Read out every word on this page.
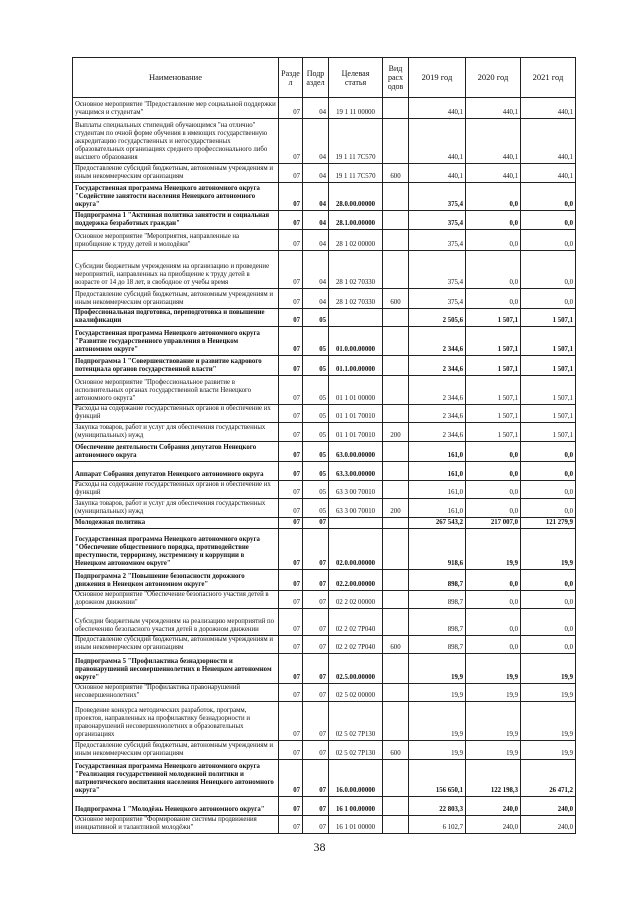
Наименование	Разде л	Подр аздел	Целевая статья	Вид расх одов	2019 год	2020 год	2021 год
Основное мероприятие "Предоставление мер социальной поддержки учащимся и студентам"	07	04	19 1 11 00000		440,1	440,1	440,1
Выплаты специальных стипендий обучающимся "на отлично" студентам по очной форме обучения в имеющих государственную аккредитацию государственных и негосударственных образовательных организациях среднего профессионального либо высшего образования	07	04	19 1 11 7С570		440,1	440,1	440,1
Предоставление субсидий бюджетным, автономным учреждениям и иным некоммерческим организациям	07	04	19 1 11 7С570	600	440,1	440,1	440,1
Государственная программа Ненецкого автономного округа "Содействие занятости населения Ненецкого автономного округа"	07	04	28.0.00.00000		375,4	0,0	0,0
Подпрограмма 1 "Активная политика занятости и социальная поддержка безработных граждан"	07	04	28.1.00.00000		375,4	0,0	0,0
Основное мероприятие "Мероприятия, направленные на приобщение к труду детей и молодёжи"	07	04	28 1 02 00000		375,4	0,0	0,0
Субсидии бюджетным учреждениям на организацию и проведение мероприятий, направленных на приобщение к труду детей в возрасте от 14 до 18 лет, в свободное от учебы время	07	04	28 1 02 70330		375,4	0,0	0,0
Предоставление субсидий бюджетным, автономным учреждениям и иным некоммерческим организациям	07	04	28 1 02 70330	600	375,4	0,0	0,0
Профессиональная подготовка, переподготовка и повышение квалификации	07	05			2 505,6	1 507,1	1 507,1
Государственная программа Ненецкого автономного округа "Развитие государственного управления в Ненецком автономном округе"	07	05	01.0.00.00000		2 344,6	1 507,1	1 507,1
Подпрограмма 1 "Совершенствование и развитие кадрового потенциала органов государственной власти"	07	05	01.1.00.00000		2 344,6	1 507,1	1 507,1
Основное мероприятие "Профессиональное развитие в исполнительных органах государственной власти Ненецкого автономного округа"	07	05	01 1 01 00000		2 344,6	1 507,1	1 507,1
Расходы на содержание государственных органов и обеспечение их функций	07	05	01 1 01 70010		2 344,6	1 507,1	1 507,1
Закупка товаров, работ и услуг для обеспечения государственных (муниципальных) нужд	07	05	01 1 01 70010	200	2 344,6	1 507,1	1 507,1
Обеспечение деятельности Собрания депутатов Ненецкого автономного округа	07	05	63.0.00.00000		161,0	0,0	0,0
Аппарат Собрания депутатов Ненецкого автономного округа	07	05	63.3.00.00000		161,0	0,0	0,0
Расходы на содержание государственных органов и обеспечение их функций	07	05	63 3 00 70010		161,0	0,0	0,0
Закупка товаров, работ и услуг для обеспечения государственных (муниципальных) нужд	07	05	63 3 00 70010	200	161,0	0,0	0,0
Молодежная политика	07	07			267 543,2	217 007,0	121 279,9
Государственная программа Ненецкого автономного округа "Обеспечение общественного порядка, противодействие преступности, терроризму, экстремизму и коррупции в Ненецком автономном округе"	07	07	02.0.00.00000		918,6	19,9	19,9
Подпрограмма 2 "Повышение безопасности дорожного движения в Ненецком автономном округе"	07	07	02.2.00.00000		898,7	0,0	0,0
Основное мероприятие "Обеспечение безопасного участия детей в дорожном движении"	07	07	02 2 02 00000		898,7	0,0	0,0
Субсидии бюджетным учреждениям на реализацию мероприятий по обеспечению безопасного участия детей в дорожном движении	07	07	02 2 02 7Р040		898,7	0,0	0,0
Предоставление субсидий бюджетным, автономным учреждениям и иным некоммерческим организациям	07	07	02 2 02 7Р040	600	898,7	0,0	0,0
Подпрограмма 5 "Профилактика безнадзорности и правонарушений несовершеннолетних в Ненецком автономном округе"	07	07	02.5.00.00000		19,9	19,9	19,9
Основное мероприятие "Профилактика правонарушений несовершеннолетних"	07	07	02 5 02 00000		19,9	19,9	19,9
Проведение конкурса методических разработок, программ, проектов, направленных на профилактику безнадзорности и правонарушений несовершеннолетних в образовательных организациях	07	07	02 5 02 7Р130		19,9	19,9	19,9
Предоставление субсидий бюджетным, автономным учреждениям и иным некоммерческим организациям	07	07	02 5 02 7Р130	600	19,9	19,9	19,9
Государственная программа Ненецкого автономного округа "Реализация государственной молодежной политики и патриотического воспитания населения Ненецкого автономного округа"	07	07	16.0.00.00000		156 650,1	122 198,3	26 471,2
Подпрограмма 1 "Молодёжь Ненецкого автономного округа"	07	07	16 1 00.00000		22 803,3	240,0	240,0
Основное мероприятие "Формирование системы продвижения инициативной и талантливой молодёжи"	07	07	16 1 01 00000		6 102,7	240,0	240,0
38
